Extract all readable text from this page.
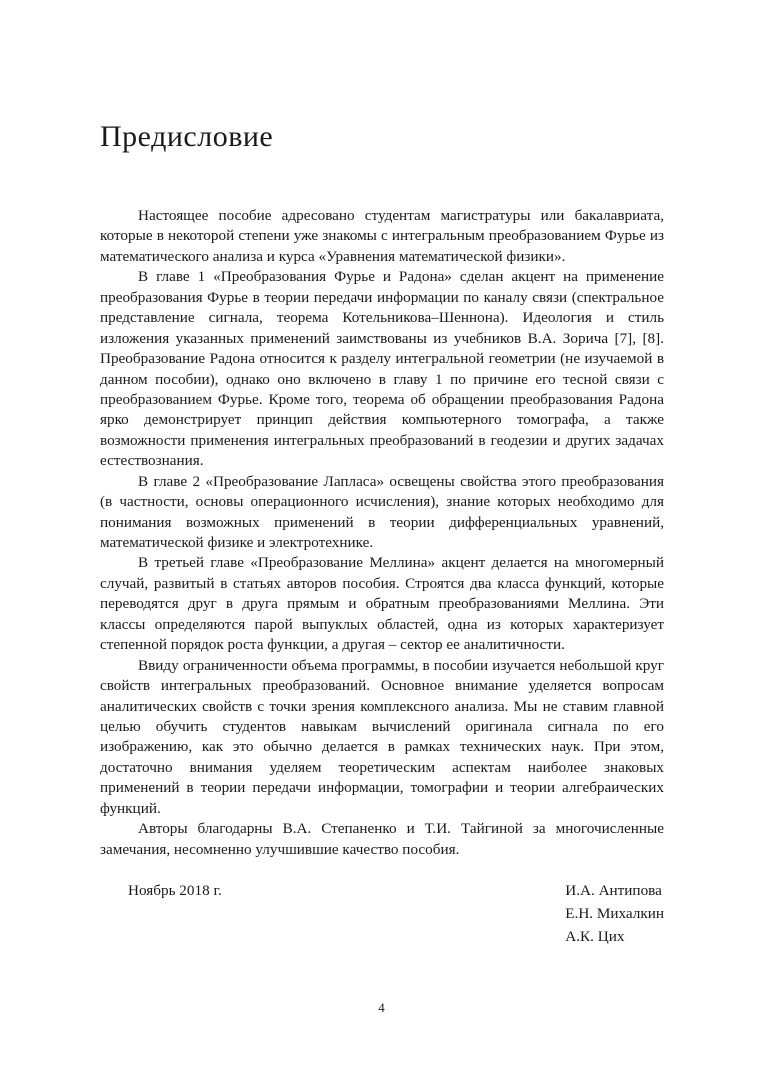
Предисловие

Настоящее пособие адресовано студентам магистратуры или бакалавриата, которые в некоторой степени уже знакомы с интегральным преобразованием Фурье из математического анализа и курса «Уравнения математической физики».

В главе 1 «Преобразования Фурье и Радона» сделан акцент на применение преобразования Фурье в теории передачи информации по каналу связи (спектральное представление сигнала, теорема Котельникова–Шеннона). Идеология и стиль изложения указанных применений заимствованы из учебников В.А. Зорича [7], [8]. Преобразование Радона относится к разделу интегральной геометрии (не изучаемой в данном пособии), однако оно включено в главу 1 по причине его тесной связи с преобразованием Фурье. Кроме того, теорема об обращении преобразования Радона ярко демонстрирует принцип действия компьютерного томографа, а также возможности применения интегральных преобразований в геодезии и других задачах естествознания.

В главе 2 «Преобразование Лапласа» освещены свойства этого преобразования (в частности, основы операционного исчисления), знание которых необходимо для понимания возможных применений в теории дифференциальных уравнений, математической физике и электротехнике.

В третьей главе «Преобразование Меллина» акцент делается на многомерный случай, развитый в статьях авторов пособия. Строятся два класса функций, которые переводятся друг в друга прямым и обратным преобразованиями Меллина. Эти классы определяются парой выпуклых областей, одна из которых характеризует степенной порядок роста функции, а другая – сектор ее аналитичности.

Ввиду ограниченности объема программы, в пособии изучается небольшой круг свойств интегральных преобразований. Основное внимание уделяется вопросам аналитических свойств с точки зрения комплексного анализа. Мы не ставим главной целью обучить студентов навыкам вычислений оригинала сигнала по его изображению, как это обычно делается в рамках технических наук. При этом, достаточно внимания уделяем теоретическим аспектам наиболее знаковых применений в теории передачи информации, томографии и теории алгебраических функций.

Авторы благодарны В.А. Степаненко и Т.И. Тайгиной за многочисленные замечания, несомненно улучшившие качество пособия.

Ноябрь 2018 г.	И.А. Антипова
Е.Н. Михалкин
А.К. Цих
4
